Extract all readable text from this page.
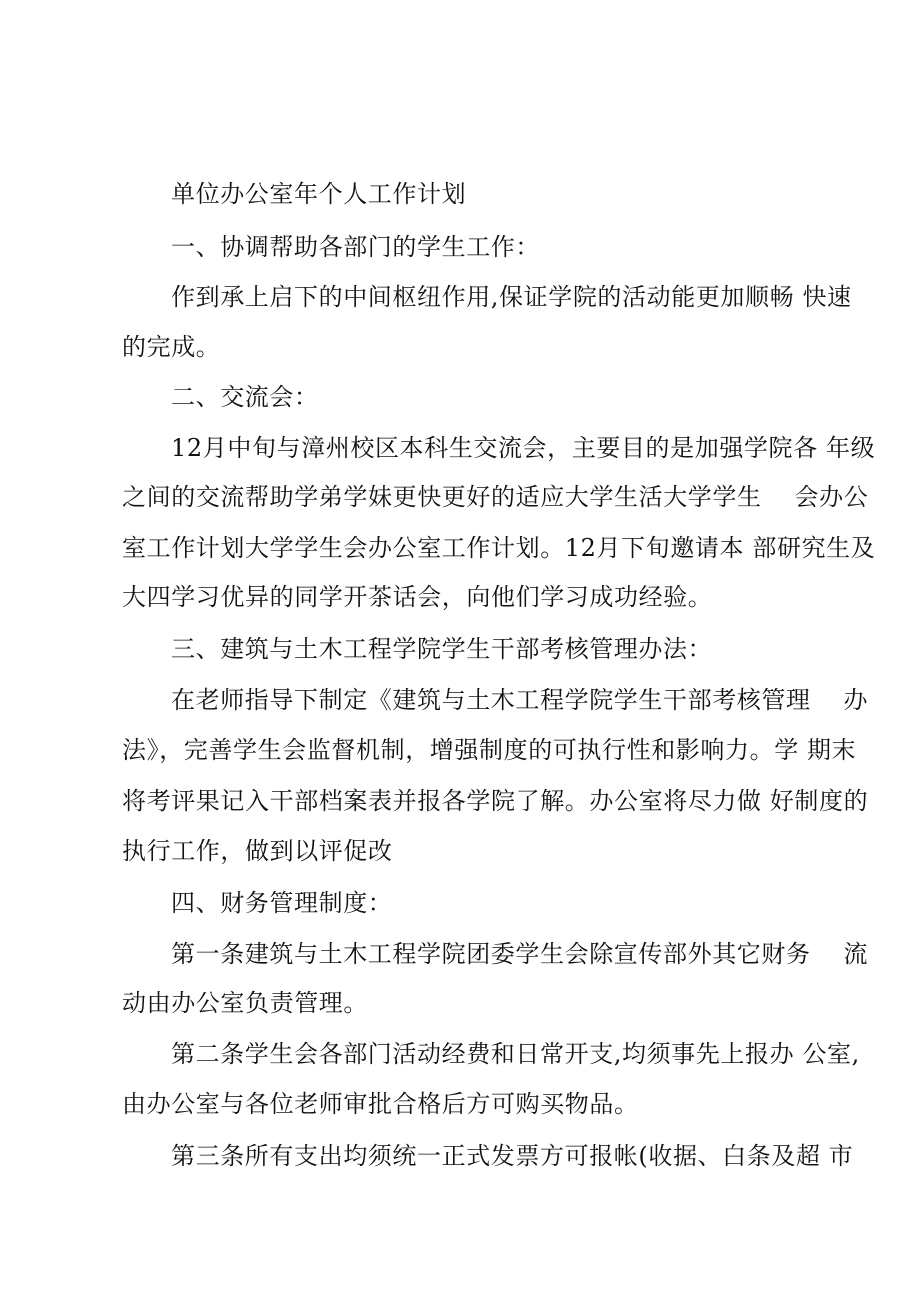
单位办公室年个人工作计划
一、协调帮助各部门的学生工作：
作到承上启下的中间枢纽作用,保证学院的活动能更加顺畅 快速
的完成。
二、交流会：
12月中旬与漳州校区本科生交流会，主要目的是加强学院各 年级
之间的交流帮助学弟学妹更快更好的适应大学生活大学学生    会办公
室工作计划大学学生会办公室工作计划。12月下旬邀请本 部研究生及
大四学习优异的同学开茶话会，向他们学习成功经验。
三、建筑与土木工程学院学生干部考核管理办法：
在老师指导下制定《建筑与土木工程学院学生干部考核管理    办
法》，完善学生会监督机制，增强制度的可执行性和影响力。学 期末
将考评果记入干部档案表并报各学院了解。办公室将尽力做 好制度的
执行工作，做到以评促改
四、财务管理制度：
第一条建筑与土木工程学院团委学生会除宣传部外其它财务    流
动由办公室负责管理。
第二条学生会各部门活动经费和日常开支,均须事先上报办 公室,
由办公室与各位老师审批合格后方可购买物品。
第三条所有支出均须统一正式发票方可报帐(收据、白条及超 市
